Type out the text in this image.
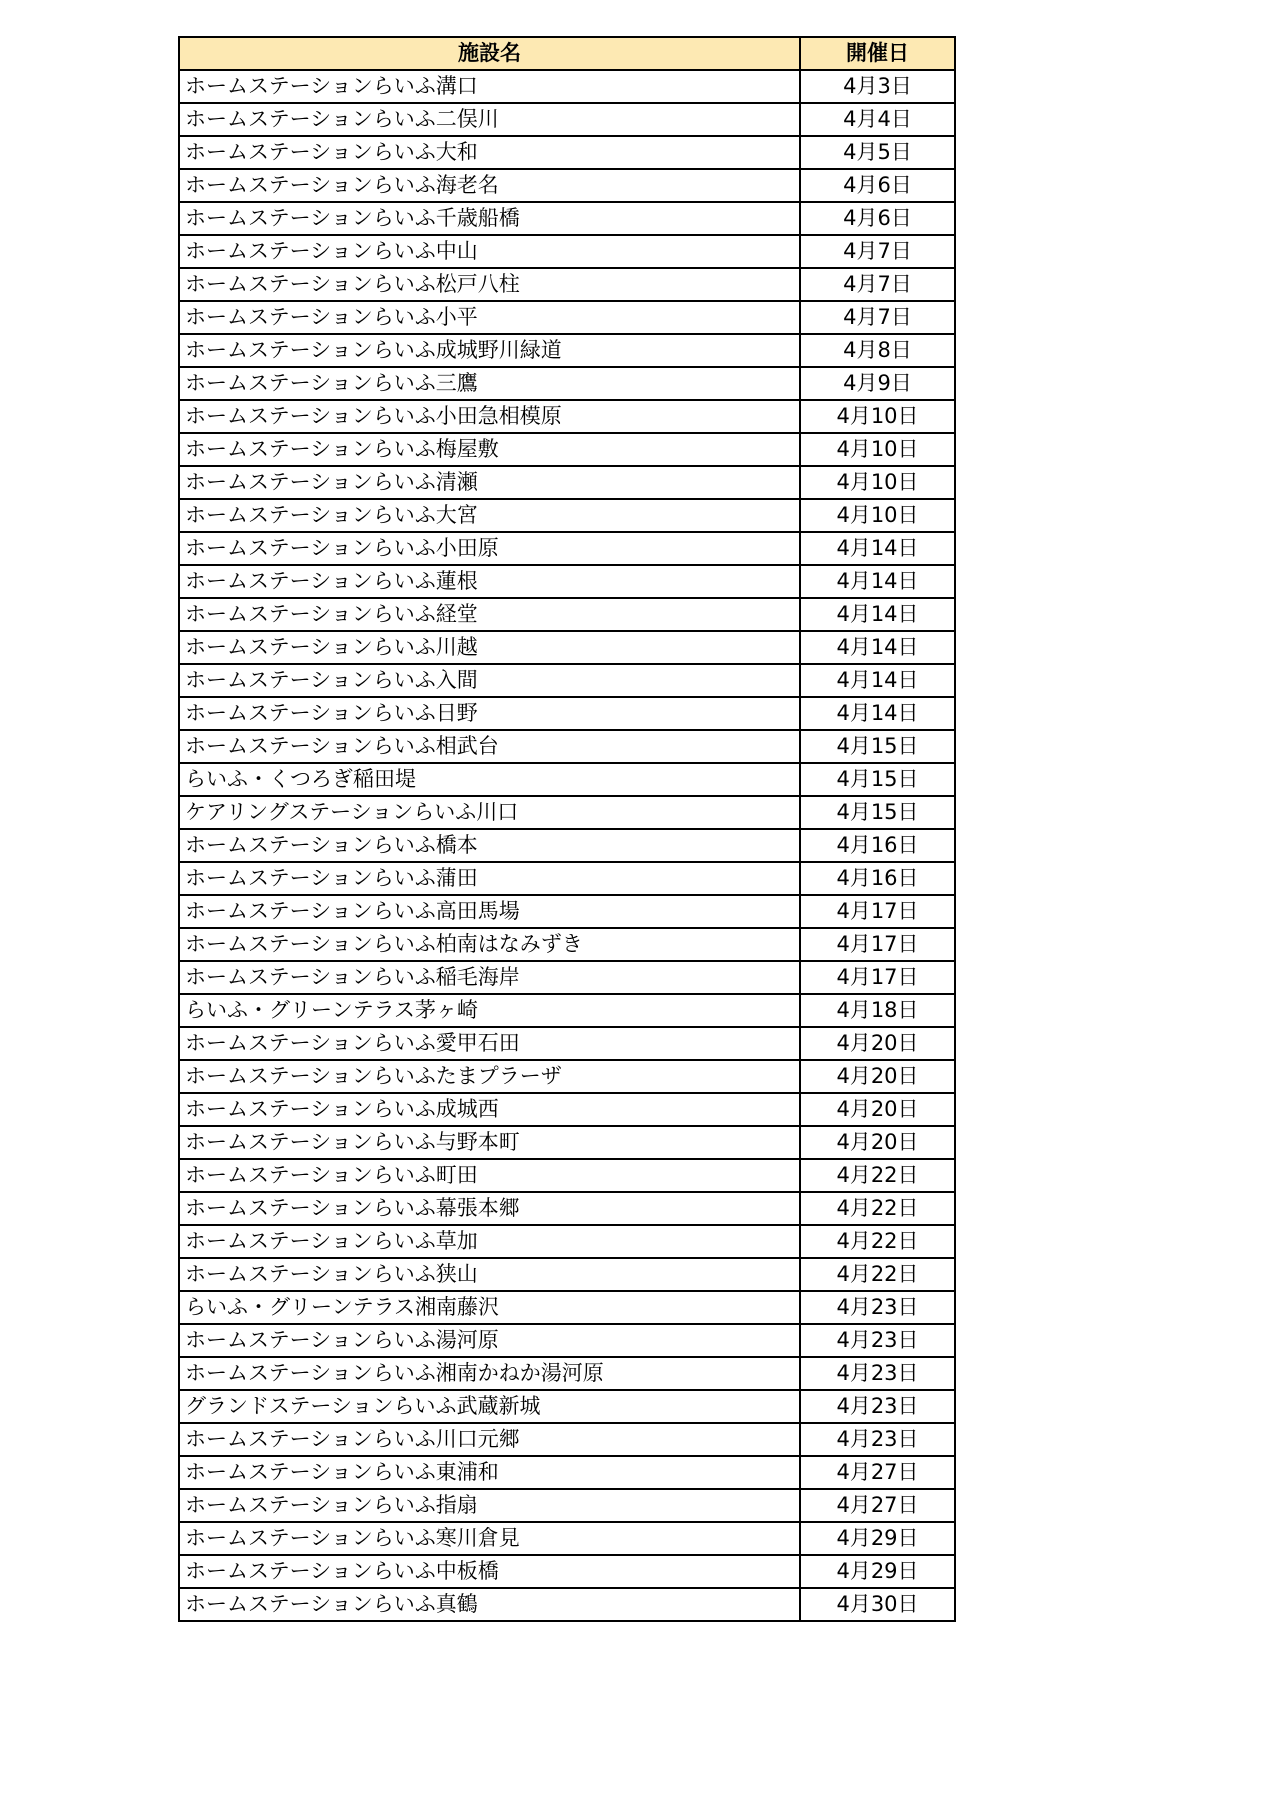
施設名	開催日
ホームステーションらいふ溝口	4月3日
ホームステーションらいふ二俣川	4月4日
ホームステーションらいふ大和	4月5日
ホームステーションらいふ海老名	4月6日
ホームステーションらいふ千歳船橋	4月6日
ホームステーションらいふ中山	4月7日
ホームステーションらいふ松戸八柱	4月7日
ホームステーションらいふ小平	4月7日
ホームステーションらいふ成城野川緑道	4月8日
ホームステーションらいふ三鷹	4月9日
ホームステーションらいふ小田急相模原	4月10日
ホームステーションらいふ梅屋敷	4月10日
ホームステーションらいふ清瀬	4月10日
ホームステーションらいふ大宮	4月10日
ホームステーションらいふ小田原	4月14日
ホームステーションらいふ蓮根	4月14日
ホームステーションらいふ経堂	4月14日
ホームステーションらいふ川越	4月14日
ホームステーションらいふ入間	4月14日
ホームステーションらいふ日野	4月14日
ホームステーションらいふ相武台	4月15日
らいふ・くつろぎ稲田堤	4月15日
ケアリングステーションらいふ川口	4月15日
ホームステーションらいふ橋本	4月16日
ホームステーションらいふ蒲田	4月16日
ホームステーションらいふ高田馬場	4月17日
ホームステーションらいふ柏南はなみずき	4月17日
ホームステーションらいふ稲毛海岸	4月17日
らいふ・グリーンテラス茅ヶ崎	4月18日
ホームステーションらいふ愛甲石田	4月20日
ホームステーションらいふたまプラーザ	4月20日
ホームステーションらいふ成城西	4月20日
ホームステーションらいふ与野本町	4月20日
ホームステーションらいふ町田	4月22日
ホームステーションらいふ幕張本郷	4月22日
ホームステーションらいふ草加	4月22日
ホームステーションらいふ狭山	4月22日
らいふ・グリーンテラス湘南藤沢	4月23日
ホームステーションらいふ湯河原	4月23日
ホームステーションらいふ湘南かねか湯河原	4月23日
グランドステーションらいふ武蔵新城	4月23日
ホームステーションらいふ川口元郷	4月23日
ホームステーションらいふ東浦和	4月27日
ホームステーションらいふ指扇	4月27日
ホームステーションらいふ寒川倉見	4月29日
ホームステーションらいふ中板橋	4月29日
ホームステーションらいふ真鶴	4月30日
